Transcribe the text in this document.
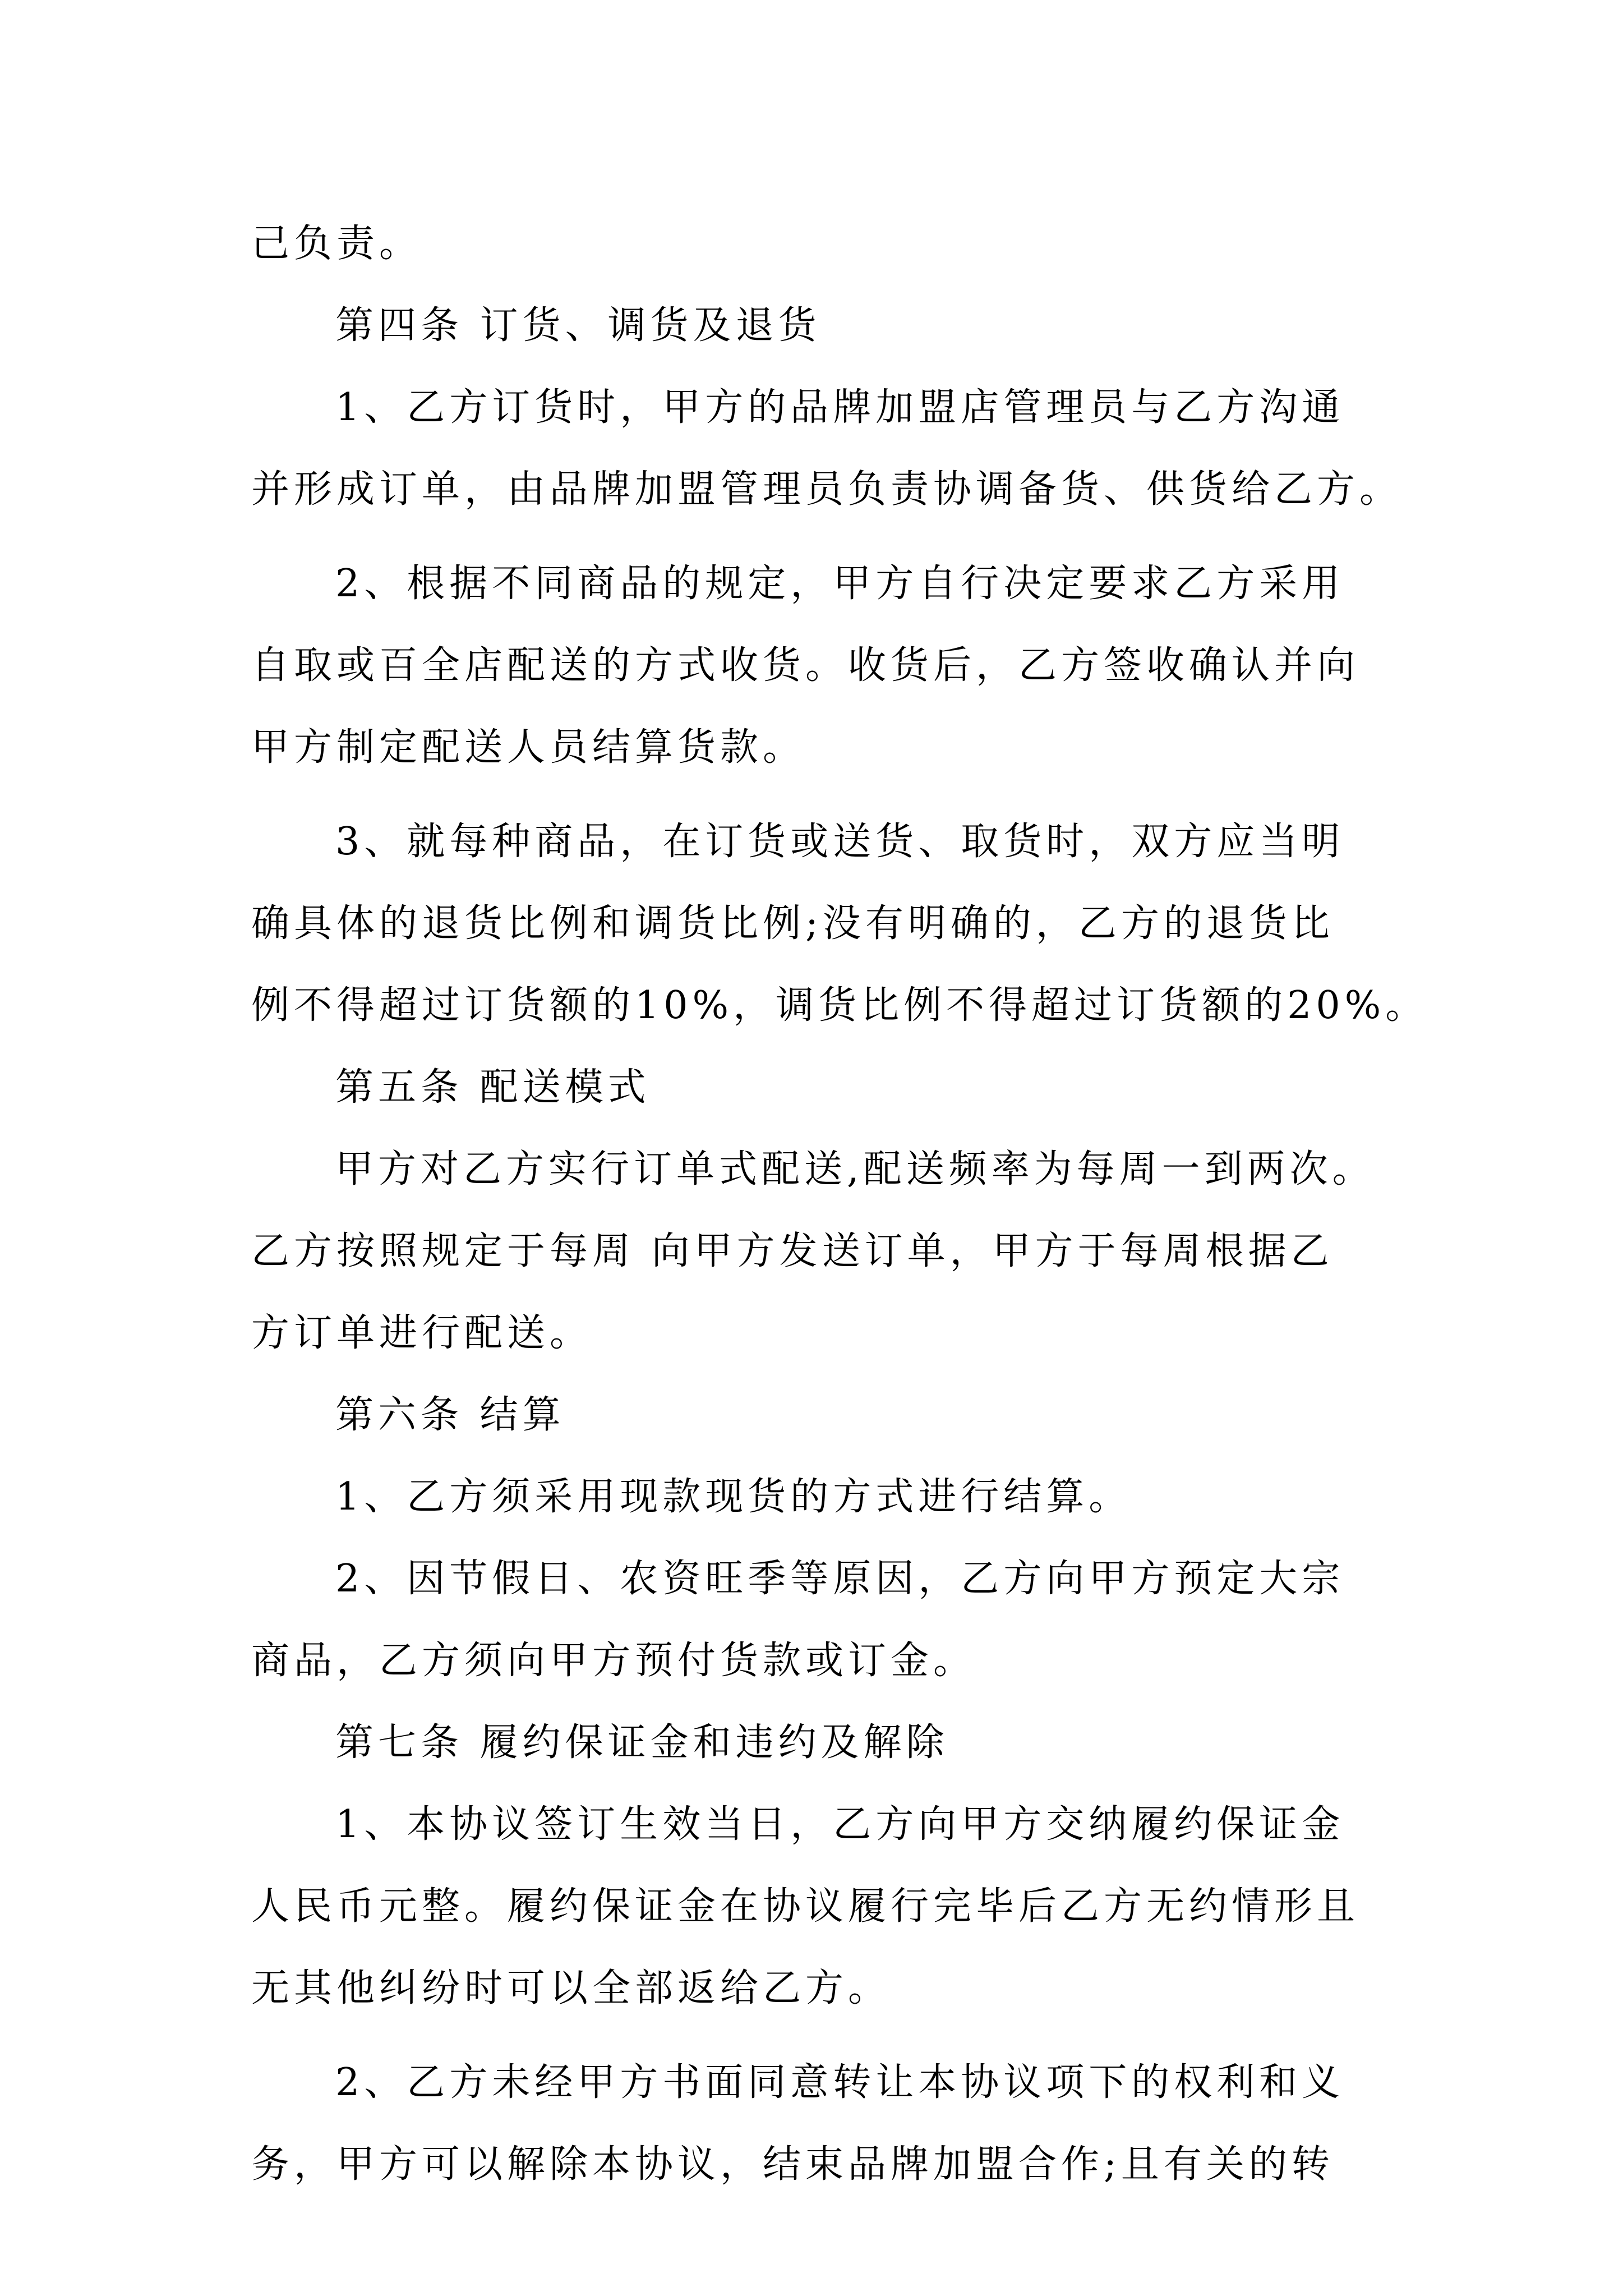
己负责。
第四条 订货、调货及退货
1、乙方订货时，甲方的品牌加盟店管理员与乙方沟通
并形成订单，由品牌加盟管理员负责协调备货、供货给乙方。
2、根据不同商品的规定，甲方自行决定要求乙方采用
自取或百全店配送的方式收货。收货后，乙方签收确认并向
甲方制定配送人员结算货款。
3、就每种商品，在订货或送货、取货时，双方应当明
确具体的退货比例和调货比例;没有明确的，乙方的退货比
例不得超过订货额的10%，调货比例不得超过订货额的20%。
第五条 配送模式
甲方对乙方实行订单式配送,配送频率为每周一到两次。
乙方按照规定于每周 向甲方发送订单，甲方于每周根据乙
方订单进行配送。
第六条 结算
1、乙方须采用现款现货的方式进行结算。
2、因节假日、农资旺季等原因，乙方向甲方预定大宗
商品，乙方须向甲方预付货款或订金。
第七条 履约保证金和违约及解除
1、本协议签订生效当日，乙方向甲方交纳履约保证金
人民币元整。履约保证金在协议履行完毕后乙方无约情形且
无其他纠纷时可以全部返给乙方。
2、乙方未经甲方书面同意转让本协议项下的权利和义
务，甲方可以解除本协议，结束品牌加盟合作;且有关的转
